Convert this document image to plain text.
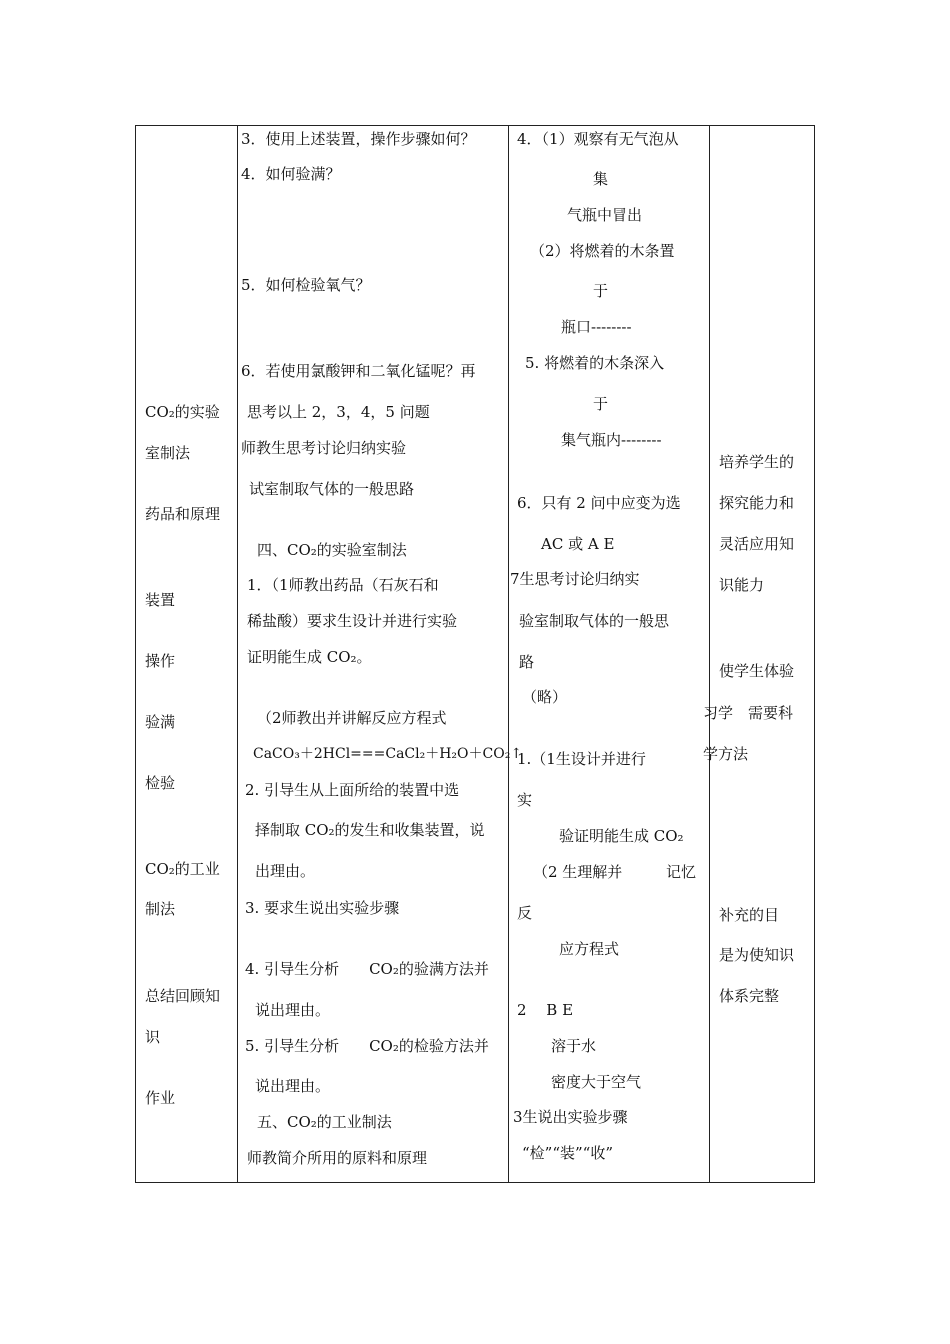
CO₂的实验
室制法
药品和原理
装置
操作
验满
检验
CO₂的工业
制法
总结回顾知
识
作业
3．使用上述装置，操作步骤如何？
4．如何验满？
5．如何检验氧气？
6．若使用氯酸钾和二氧化锰呢？再
思考以上 2，3，4，5 问题
师教生思考讨论归纳实验
试室制取气体的一般思路
四、CO₂的实验室制法
1．（1师教出药品（石灰石和
稀盐酸）要求生设计并进行实验
证明能生成 CO₂。
（2师教出并讲解反应方程式
CaCO₃＋2HCl===CaCl₂＋H₂O＋CO₂↑
2. 引导生从上面所给的装置中选
择制取 CO₂的发生和收集装置，说
出理由。
3. 要求生说出实验步骤
4. 引导生分析　　CO₂的验满方法并
说出理由。
5. 引导生分析　　CO₂的检验方法并
说出理由。
五、CO₂的工业制法
师教简介所用的原料和原理
4．（1）观察有无气泡从
集
气瓶中冒出
（2）将燃着的木条置
于
瓶口--------
5. 将燃着的木条深入
于
集气瓶内--------
6．只有 2 问中应变为选
AC 或 A E
7生思考讨论归纳实
验室制取气体的一般思
路
（略）
1.（1生设计并进行
实
验证明能生成 CO₂
（2 生理解并	记忆
反
应方程式
2　 B E
溶于水
密度大于空气
3生说出实验步骤
“检”“装”“收”
培养学生的
探究能力和
灵活应用知
识能力
使学生体验
习学　需要科
学方法
补充的目
是为使知识
体系完整
